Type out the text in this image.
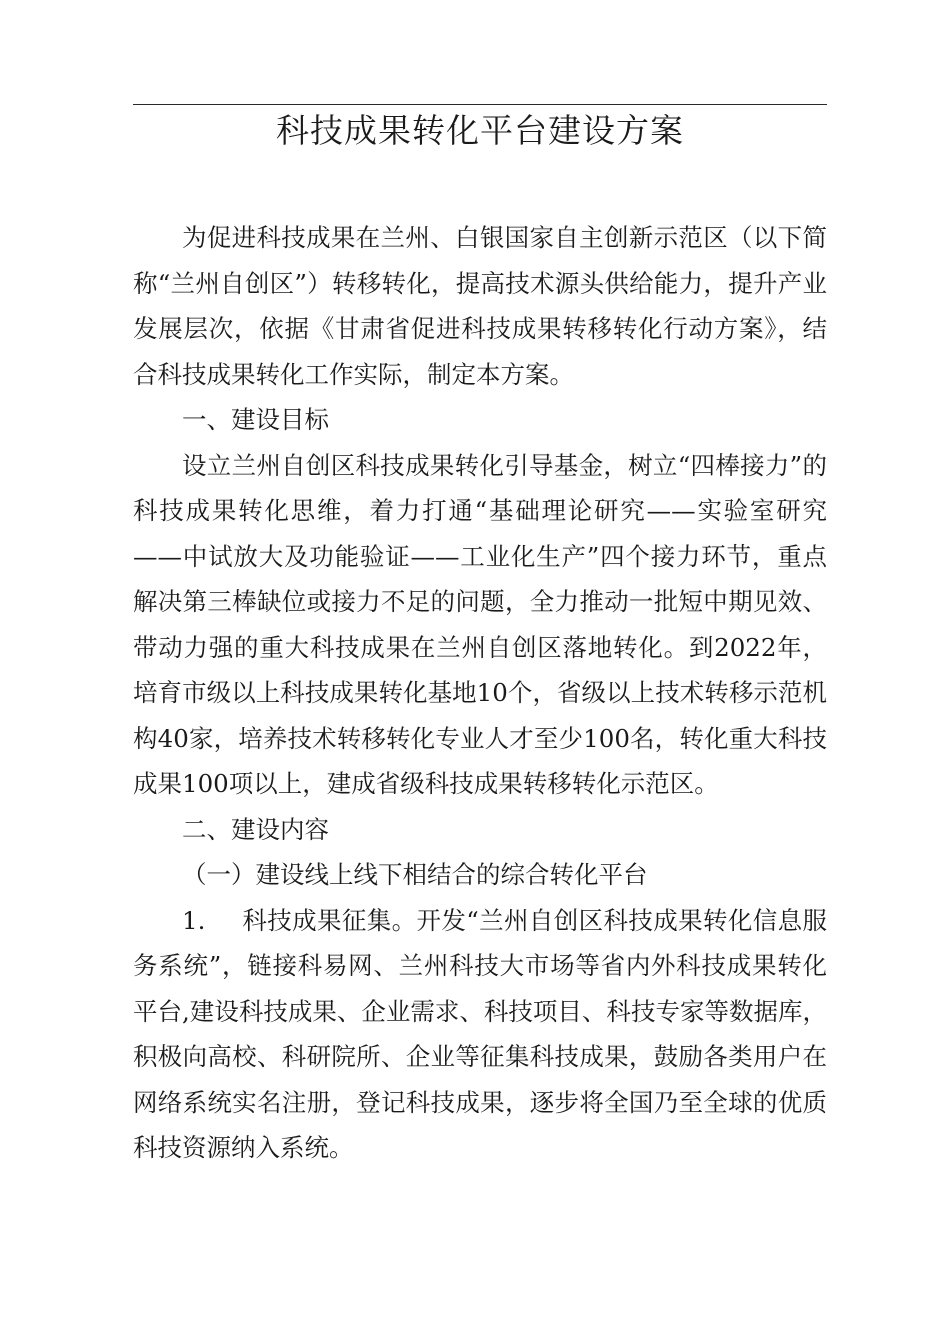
科技成果转化平台建设方案

为促进科技成果在兰州、白银国家自主创新示范区（以下简称“兰州自创区”）转移转化，提高技术源头供给能力，提升产业发展层次，依据《甘肃省促进科技成果转移转化行动方案》，结合科技成果转化工作实际，制定本方案。

一、建设目标

设立兰州自创区科技成果转化引导基金，树立“四棒接力”的科技成果转化思维，着力打通“基础理论研究——实验室研究——中试放大及功能验证——工业化生产”四个接力环节，重点解决第三棒缺位或接力不足的问题，全力推动一批短中期见效、带动力强的重大科技成果在兰州自创区落地转化。到2022年，培育市级以上科技成果转化基地10个，省级以上技术转移示范机构40家，培养技术转移转化专业人才至少100名，转化重大科技成果100项以上，建成省级科技成果转移转化示范区。

二、建设内容

（一）建设线上线下相结合的综合转化平台

1. 科技成果征集。开发“兰州自创区科技成果转化信息服务系统”，链接科易网、兰州科技大市场等省内外科技成果转化平台,建设科技成果、企业需求、科技项目、科技专家等数据库，积极向高校、科研院所、企业等征集科技成果，鼓励各类用户在网络系统实名注册，登记科技成果，逐步将全国乃至全球的优质科技资源纳入系统。
